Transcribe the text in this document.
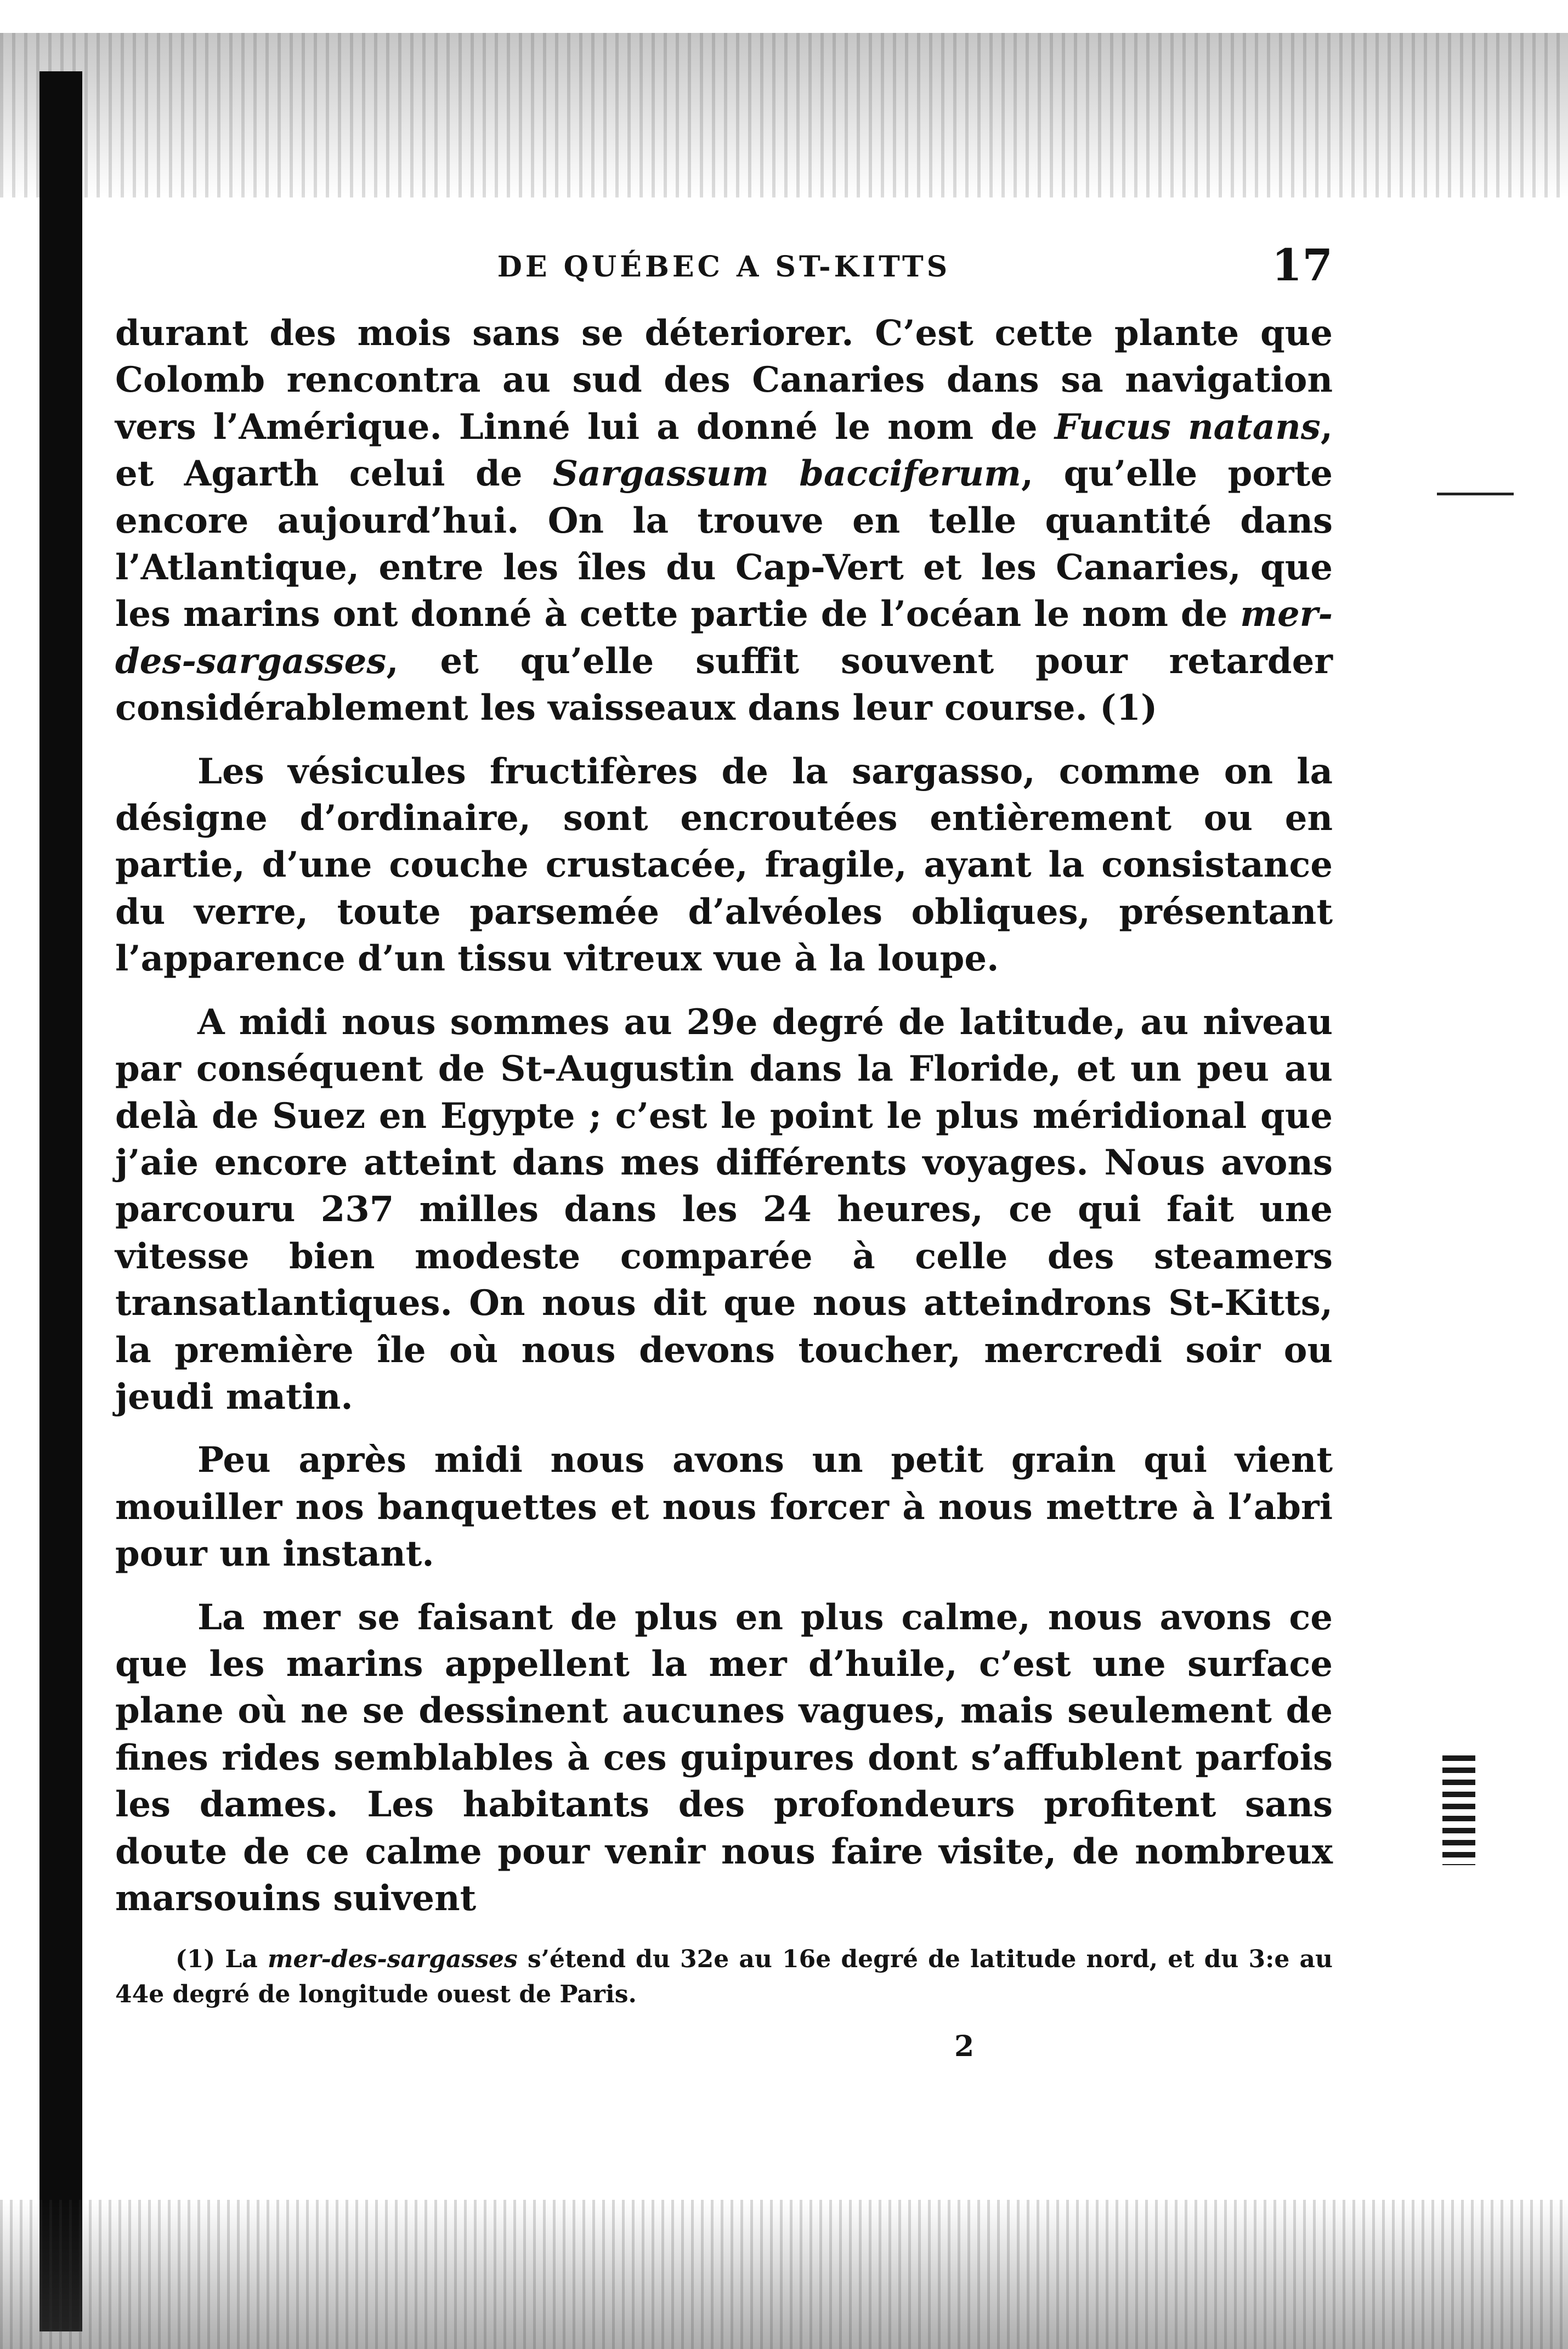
DE QUÉBEC A ST-KITTS	17

durant des mois sans se déteriorer. C’est cette plante que Colomb rencontra au sud des Canaries dans sa navigation vers l’Amérique. Linné lui a donné le nom de Fucus natans, et Agarth celui de Sargassum bacciferum, qu’elle porte encore aujourd’hui. On la trouve en telle quantité dans l’Atlantique, entre les îles du Cap-Vert et les Canaries, que les marins ont donné à cette partie de l’océan le nom de mer-des-sargasses, et qu’elle suffit souvent pour retarder considérablement les vaisseaux dans leur course. (1)

Les vésicules fructifères de la sargasso, comme on la désigne d’ordinaire, sont encroutées entièrement ou en partie, d’une couche crustacée, fragile, ayant la consistance du verre, toute parsemée d’alvéoles obliques, présentant l’apparence d’un tissu vitreux vue à la loupe.

A midi nous sommes au 29e degré de latitude, au niveau par conséquent de St-Augustin dans la Floride, et un peu au delà de Suez en Egypte ; c’est le point le plus méridional que j’aie encore atteint dans mes différents voyages. Nous avons parcouru 237 milles dans les 24 heures, ce qui fait une vitesse bien modeste comparée à celle des steamers transatlantiques. On nous dit que nous atteindrons St-Kitts, la première île où nous devons toucher, mercredi soir ou jeudi matin.

Peu après midi nous avons un petit grain qui vient mouiller nos banquettes et nous forcer à nous mettre à l’abri pour un instant.

La mer se faisant de plus en plus calme, nous avons ce que les marins appellent la mer d’huile, c’est une surface plane où ne se dessinent aucunes vagues, mais seulement de fines rides semblables à ces guipures dont s’affublent parfois les dames. Les habitants des profondeurs profitent sans doute de ce calme pour venir nous faire visite, de nombreux marsouins suivent

(1) La mer-des-sargasses s’étend du 32e au 16e degré de latitude nord, et du 3:e au 44e degré de longitude ouest de Paris.
2
